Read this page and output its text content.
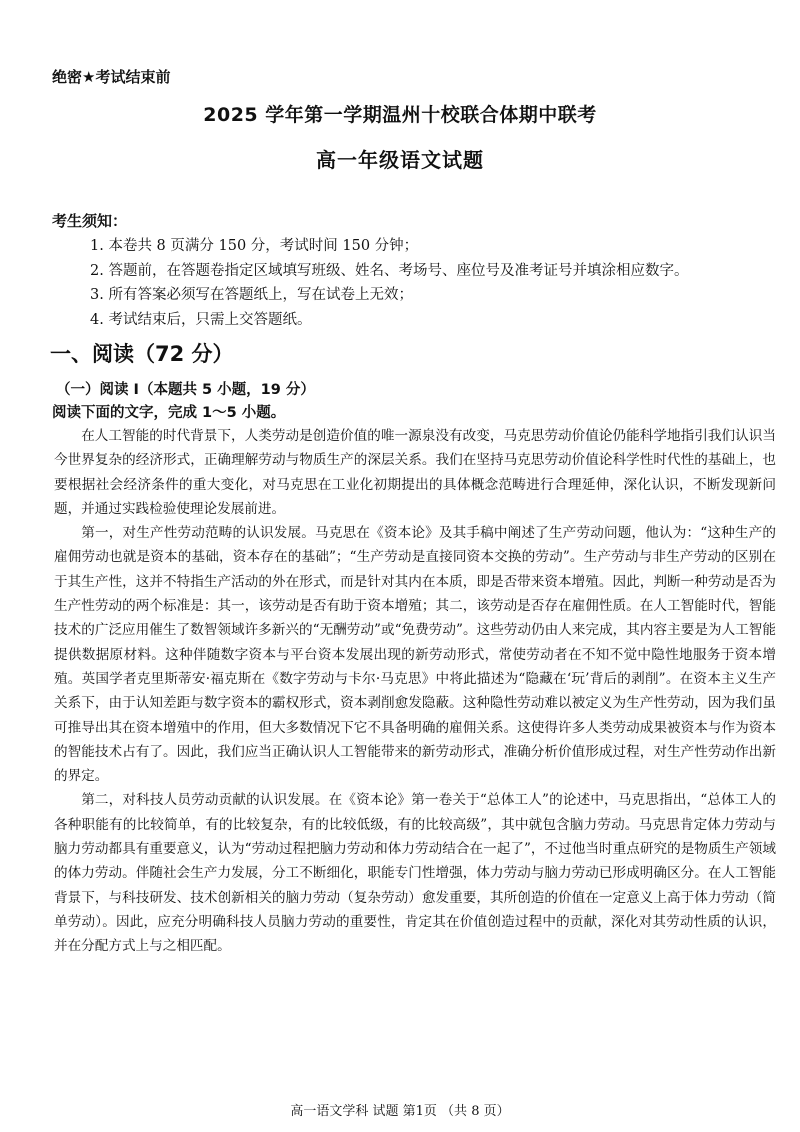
绝密★考试结束前
2025 学年第一学期温州十校联合体期中联考
高一年级语文试题
考生须知：
1. 本卷共 8 页满分 150 分，考试时间 150 分钟；
2. 答题前，在答题卷指定区域填写班级、姓名、考场号、座位号及准考证号并填涂相应数字。
3. 所有答案必须写在答题纸上，写在试卷上无效；
4. 考试结束后，只需上交答题纸。
一、阅读（72 分）
（一）阅读 I（本题共 5 小题，19 分）
阅读下面的文字，完成 1～5 小题。

在人工智能的时代背景下，人类劳动是创造价值的唯一源泉没有改变，马克思劳动价值论仍能科学地指引我们认识当今世界复杂的经济形式，正确理解劳动与物质生产的深层关系。我们在坚持马克思劳动价值论科学性时代性的基础上，也要根据社会经济条件的重大变化，对马克思在工业化初期提出的具体概念范畴进行合理延伸，深化认识，不断发现新问题，并通过实践检验使理论发展前进。

第一，对生产性劳动范畴的认识发展。马克思在《资本论》及其手稿中阐述了生产劳动问题，他认为：“这种生产的雇佣劳动也就是资本的基础，资本存在的基础”；“生产劳动是直接同资本交换的劳动”。生产劳动与非生产劳动的区别在于其生产性，这并不特指生产活动的外在形式，而是针对其内在本质，即是否带来资本增殖。因此，判断一种劳动是否为生产性劳动的两个标准是：其一，该劳动是否有助于资本增殖；其二，该劳动是否存在雇佣性质。在人工智能时代，智能技术的广泛应用催生了数智领域许多新兴的“无酬劳动”或“免费劳动”。这些劳动仍由人来完成，其内容主要是为人工智能提供数据原材料。这种伴随数字资本与平台资本发展出现的新劳动形式，常使劳动者在不知不觉中隐性地服务于资本增殖。英国学者克里斯蒂安·福克斯在《数字劳动与卡尔·马克思》中将此描述为“隐藏在‘玩’背后的剥削”。在资本主义生产关系下，由于认知差距与数字资本的霸权形式，资本剥削愈发隐蔽。这种隐性劳动难以被定义为生产性劳动，因为我们虽可推导出其在资本增殖中的作用，但大多数情况下它不具备明确的雇佣关系。这使得许多人类劳动成果被资本与作为资本的智能技术占有了。因此，我们应当正确认识人工智能带来的新劳动形式，准确分析价值形成过程，对生产性劳动作出新的界定。

第二，对科技人员劳动贡献的认识发展。在《资本论》第一卷关于“总体工人”的论述中，马克思指出，“总体工人的各种职能有的比较简单，有的比较复杂，有的比较低级，有的比较高级”，其中就包含脑力劳动。马克思肯定体力劳动与脑力劳动都具有重要意义，认为“劳动过程把脑力劳动和体力劳动结合在一起了”，不过他当时重点研究的是物质生产领域的体力劳动。伴随社会生产力发展，分工不断细化，职能专门性增强，体力劳动与脑力劳动已形成明确区分。在人工智能背景下，与科技研发、技术创新相关的脑力劳动（复杂劳动）愈发重要，其所创造的价值在一定意义上高于体力劳动（简单劳动）。因此，应充分明确科技人员脑力劳动的重要性，肯定其在价值创造过程中的贡献，深化对其劳动性质的认识，并在分配方式上与之相匹配。

高一语文学科 试题 第1页 （共 8 页）
